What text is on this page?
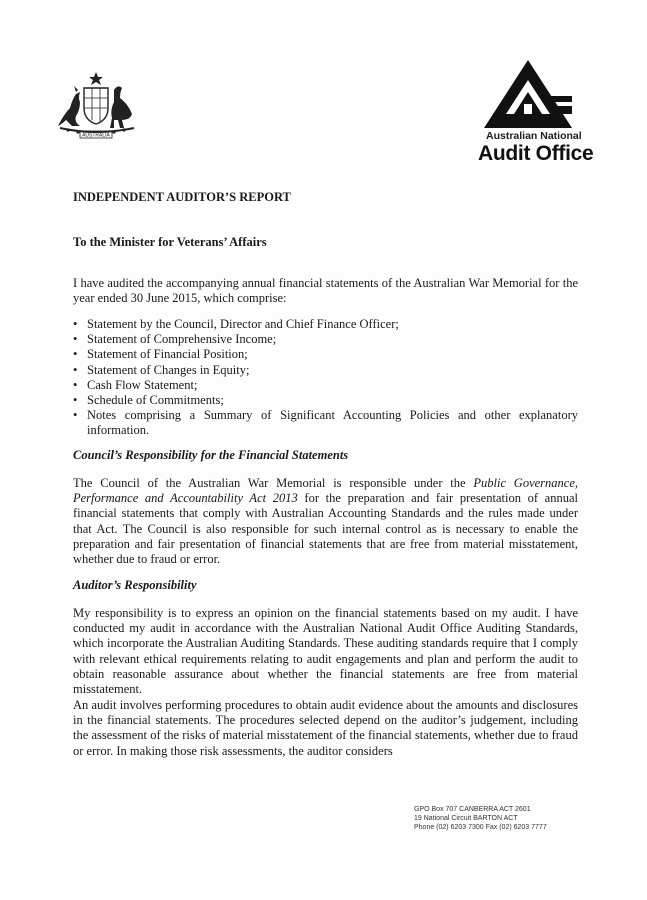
AUSTRALIA	Australian National
Audit Office
INDEPENDENT AUDITOR’S REPORT
To the Minister for Veterans’ Affairs

I have audited the accompanying annual financial statements of the Australian War Memorial for the year ended 30 June 2015, which comprise:

• Statement by the Council, Director and Chief Finance Officer;
• Statement of Comprehensive Income;
• Statement of Financial Position;
• Statement of Changes in Equity;
• Cash Flow Statement;
• Schedule of Commitments;
• Notes comprising a Summary of Significant Accounting Policies and other explanatory information.
Council’s Responsibility for the Financial Statements

The Council of the Australian War Memorial is responsible under the Public Governance, Performance and Accountability Act 2013 for the preparation and fair presentation of annual financial statements that comply with Australian Accounting Standards and the rules made under that Act. The Council is also responsible for such internal control as is necessary to enable the preparation and fair presentation of financial statements that are free from material misstatement, whether due to fraud or error.

Auditor’s Responsibility

My responsibility is to express an opinion on the financial statements based on my audit. I have conducted my audit in accordance with the Australian National Audit Office Auditing Standards, which incorporate the Australian Auditing Standards. These auditing standards require that I comply with relevant ethical requirements relating to audit engagements and plan and perform the audit to obtain reasonable assurance about whether the financial statements are free from material misstatement.

An audit involves performing procedures to obtain audit evidence about the amounts and disclosures in the financial statements. The procedures selected depend on the auditor’s judgement, including the assessment of the risks of material misstatement of the financial statements, whether due to fraud or error. In making those risk assessments, the auditor considers

GPO Box 707 CANBERRA ACT 2601
19 National Circuit BARTON ACT
Phone (02) 6203 7300 Fax (02) 6203 7777
